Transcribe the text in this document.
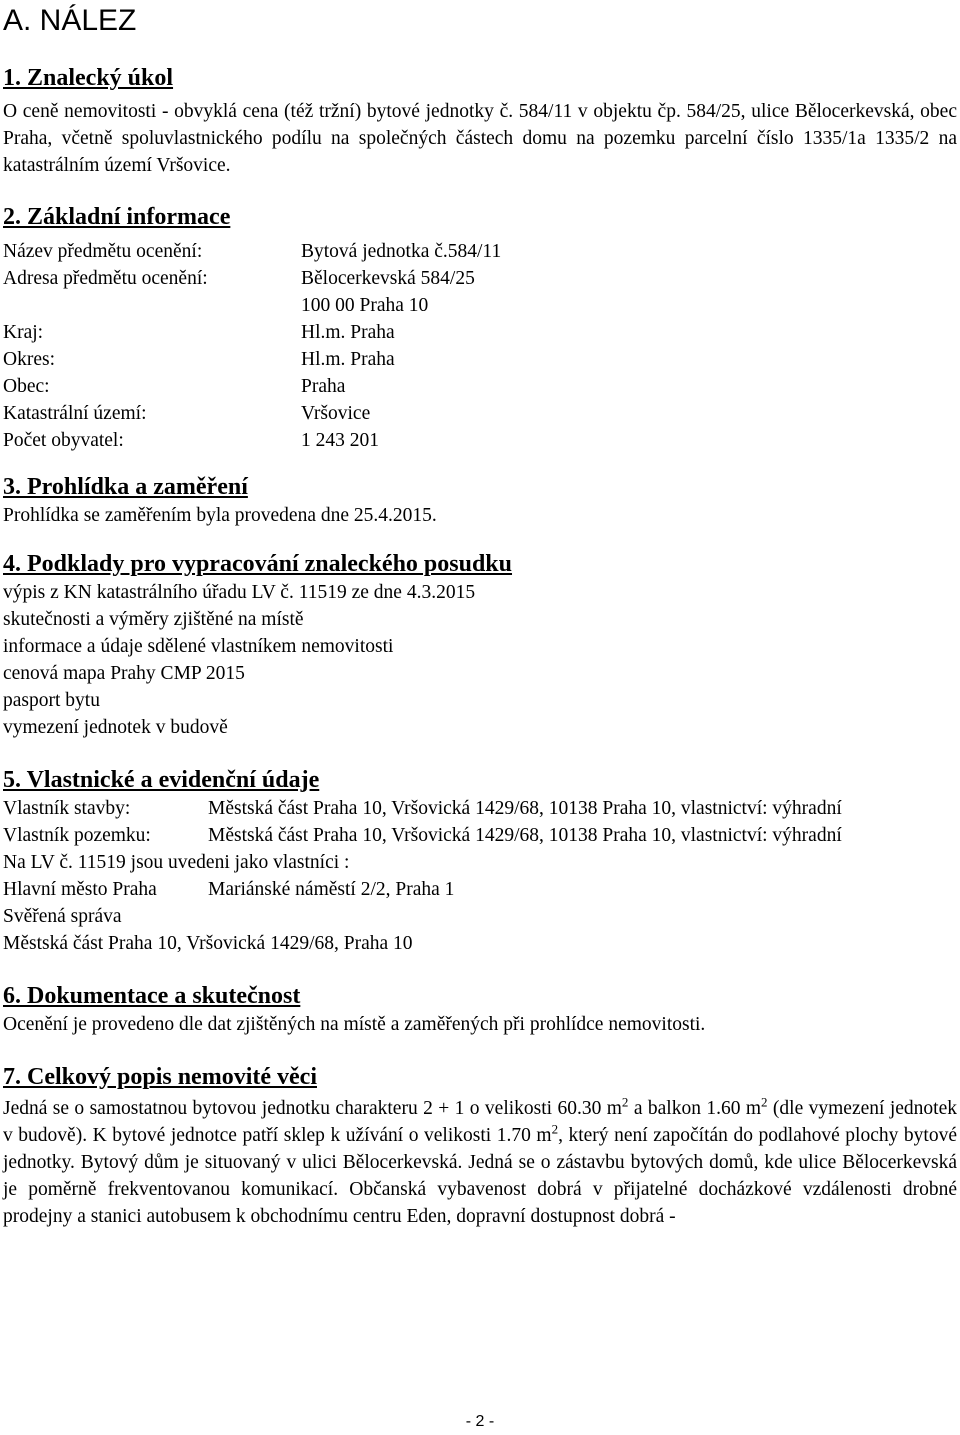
A. NÁLEZ
1. Znalecký úkol
O ceně nemovitosti - obvyklá cena (též tržní) bytové jednotky č. 584/11 v objektu čp. 584/25, ulice Bělocerkevská, obec Praha, včetně spoluvlastnického podílu na společných částech domu na pozemku parcelní číslo 1335/1a 1335/2 na katastrálním území Vršovice.
2. Základní informace
Název předmětu ocenění:	Bytová jednotka č.584/11
Adresa předmětu ocenění:	Bělocerkevská 584/25
100 00 Praha 10
Kraj:	Hl.m. Praha
Okres:	Hl.m. Praha
Obec:	Praha
Katastrální území:	Vršovice
Počet obyvatel:	1 243 201
3. Prohlídka a zaměření
Prohlídka se zaměřením byla provedena dne 25.4.2015.
4. Podklady pro vypracování znaleckého posudku
výpis z KN katastrálního úřadu LV č. 11519 ze dne 4.3.2015
skutečnosti a výměry zjištěné na místě
informace a údaje sdělené vlastníkem nemovitosti
cenová mapa Prahy CMP 2015
pasport bytu
vymezení jednotek v budově
5. Vlastnické a evidenční údaje
Vlastník stavby:	Městská část Praha 10, Vršovická 1429/68, 10138 Praha 10, vlastnictví: výhradní
Vlastník pozemku:	Městská část Praha 10, Vršovická 1429/68, 10138 Praha 10, vlastnictví: výhradní
Na LV č. 11519 jsou uvedeni jako vlastníci :
Hlavní město Praha	Mariánské náměstí 2/2, Praha 1
Svěřená správa
Městská část Praha 10, Vršovická 1429/68, Praha 10
6. Dokumentace a skutečnost
Ocenění je provedeno dle dat zjištěných na místě a zaměřených při prohlídce nemovitosti.
7. Celkový popis nemovité věci
Jedná se o samostatnou bytovou jednotku charakteru 2 + 1 o velikosti 60.30 $m^2$ a balkon 1.60 $m^2$ (dle vymezení jednotek v budově). K bytové jednotce patří sklep k užívání o velikosti 1.70 $m^2$, který není započítán do podlahové plochy bytové jednotky. Bytový dům je situovaný v ulici Bělocerkevská. Jedná se o zástavbu bytových domů, kde ulice Bělocerkevská je poměrně frekventovanou komunikací. Občanská vybavenost dobrá v přijatelné docházkové vzdálenosti drobné prodejny a stanici autobusem k obchodnímu centru Eden, dopravní dostupnost dobrá -
- 2 -
